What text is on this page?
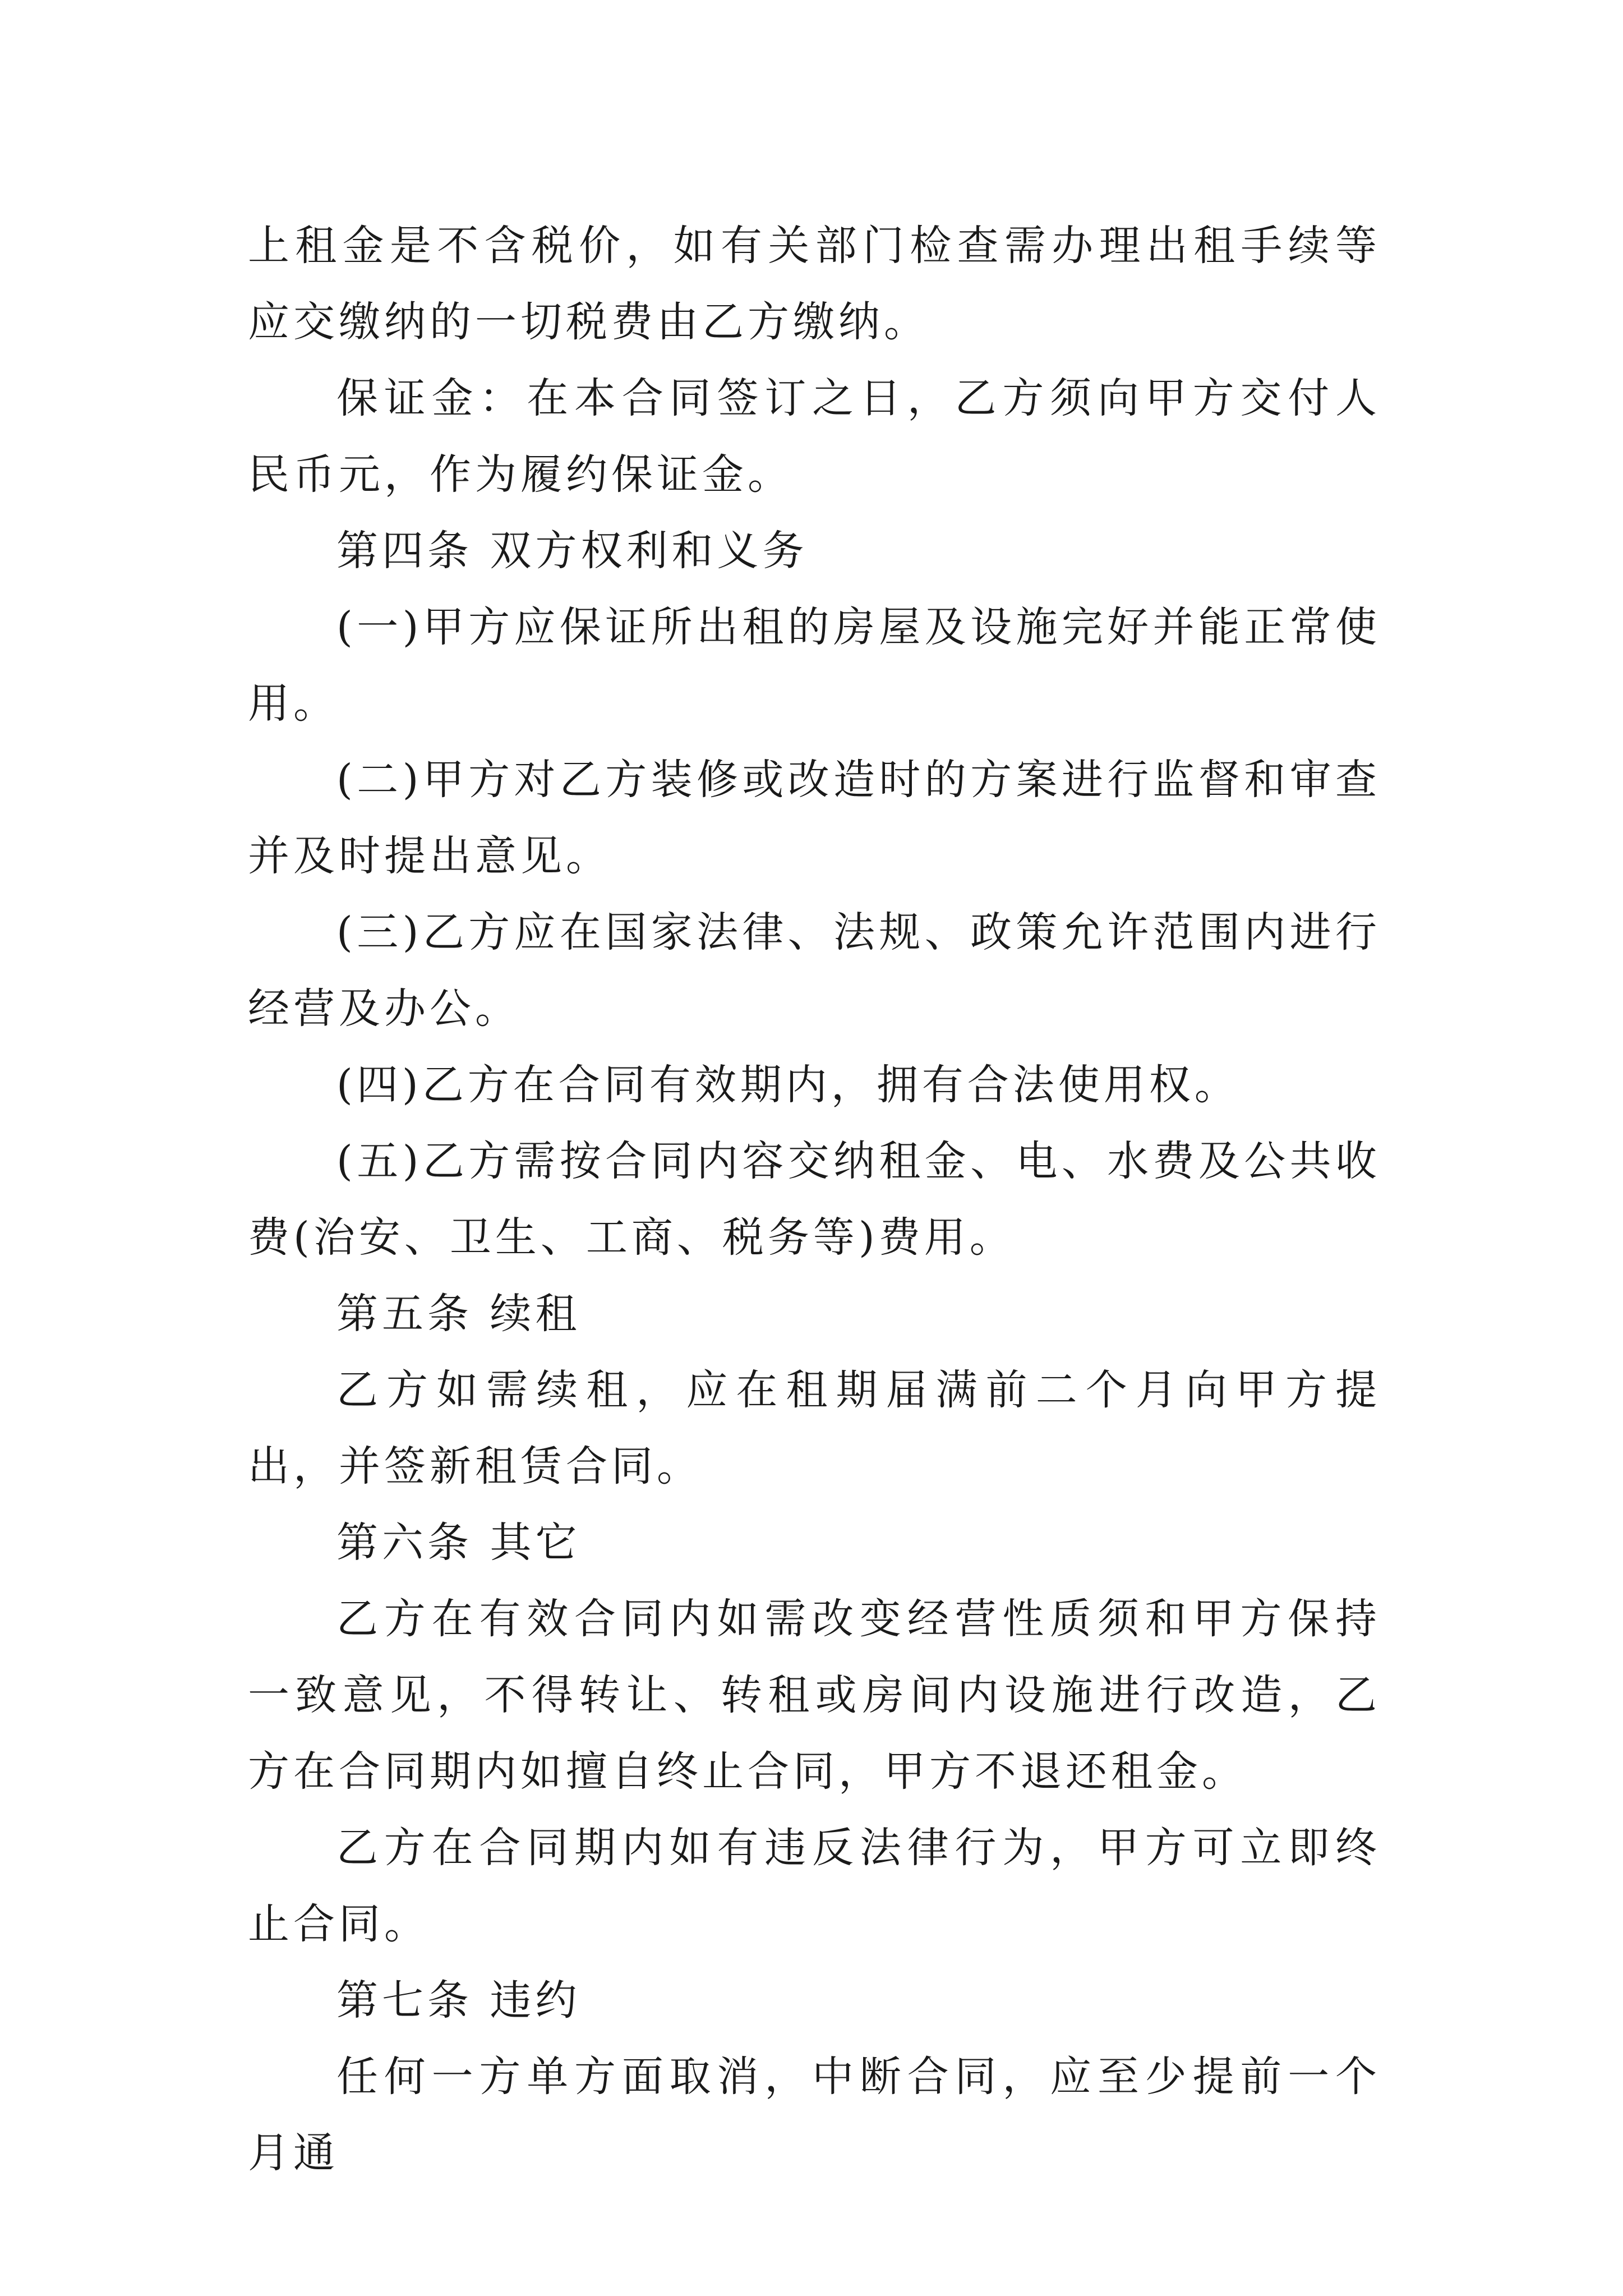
上租金是不含税价，如有关部门检查需办理出租手续等应交缴纳的一切税费由乙方缴纳。

保证金：在本合同签订之日，乙方须向甲方交付人民币元，作为履约保证金。

第四条 双方权利和义务

(一)甲方应保证所出租的房屋及设施完好并能正常使用。

(二)甲方对乙方装修或改造时的方案进行监督和审查并及时提出意见。

(三)乙方应在国家法律、法规、政策允许范围内进行经营及办公。

(四)乙方在合同有效期内，拥有合法使用权。

(五)乙方需按合同内容交纳租金、电、水费及公共收费(治安、卫生、工商、税务等)费用。

第五条 续租

乙方如需续租，应在租期届满前二个月向甲方提出，并签新租赁合同。

第六条 其它

乙方在有效合同内如需改变经营性质须和甲方保持一致意见，不得转让、转租或房间内设施进行改造，乙方在合同期内如擅自终止合同，甲方不退还租金。

乙方在合同期内如有违反法律行为，甲方可立即终止合同。

第七条 违约

任何一方单方面取消，中断合同，应至少提前一个月通
